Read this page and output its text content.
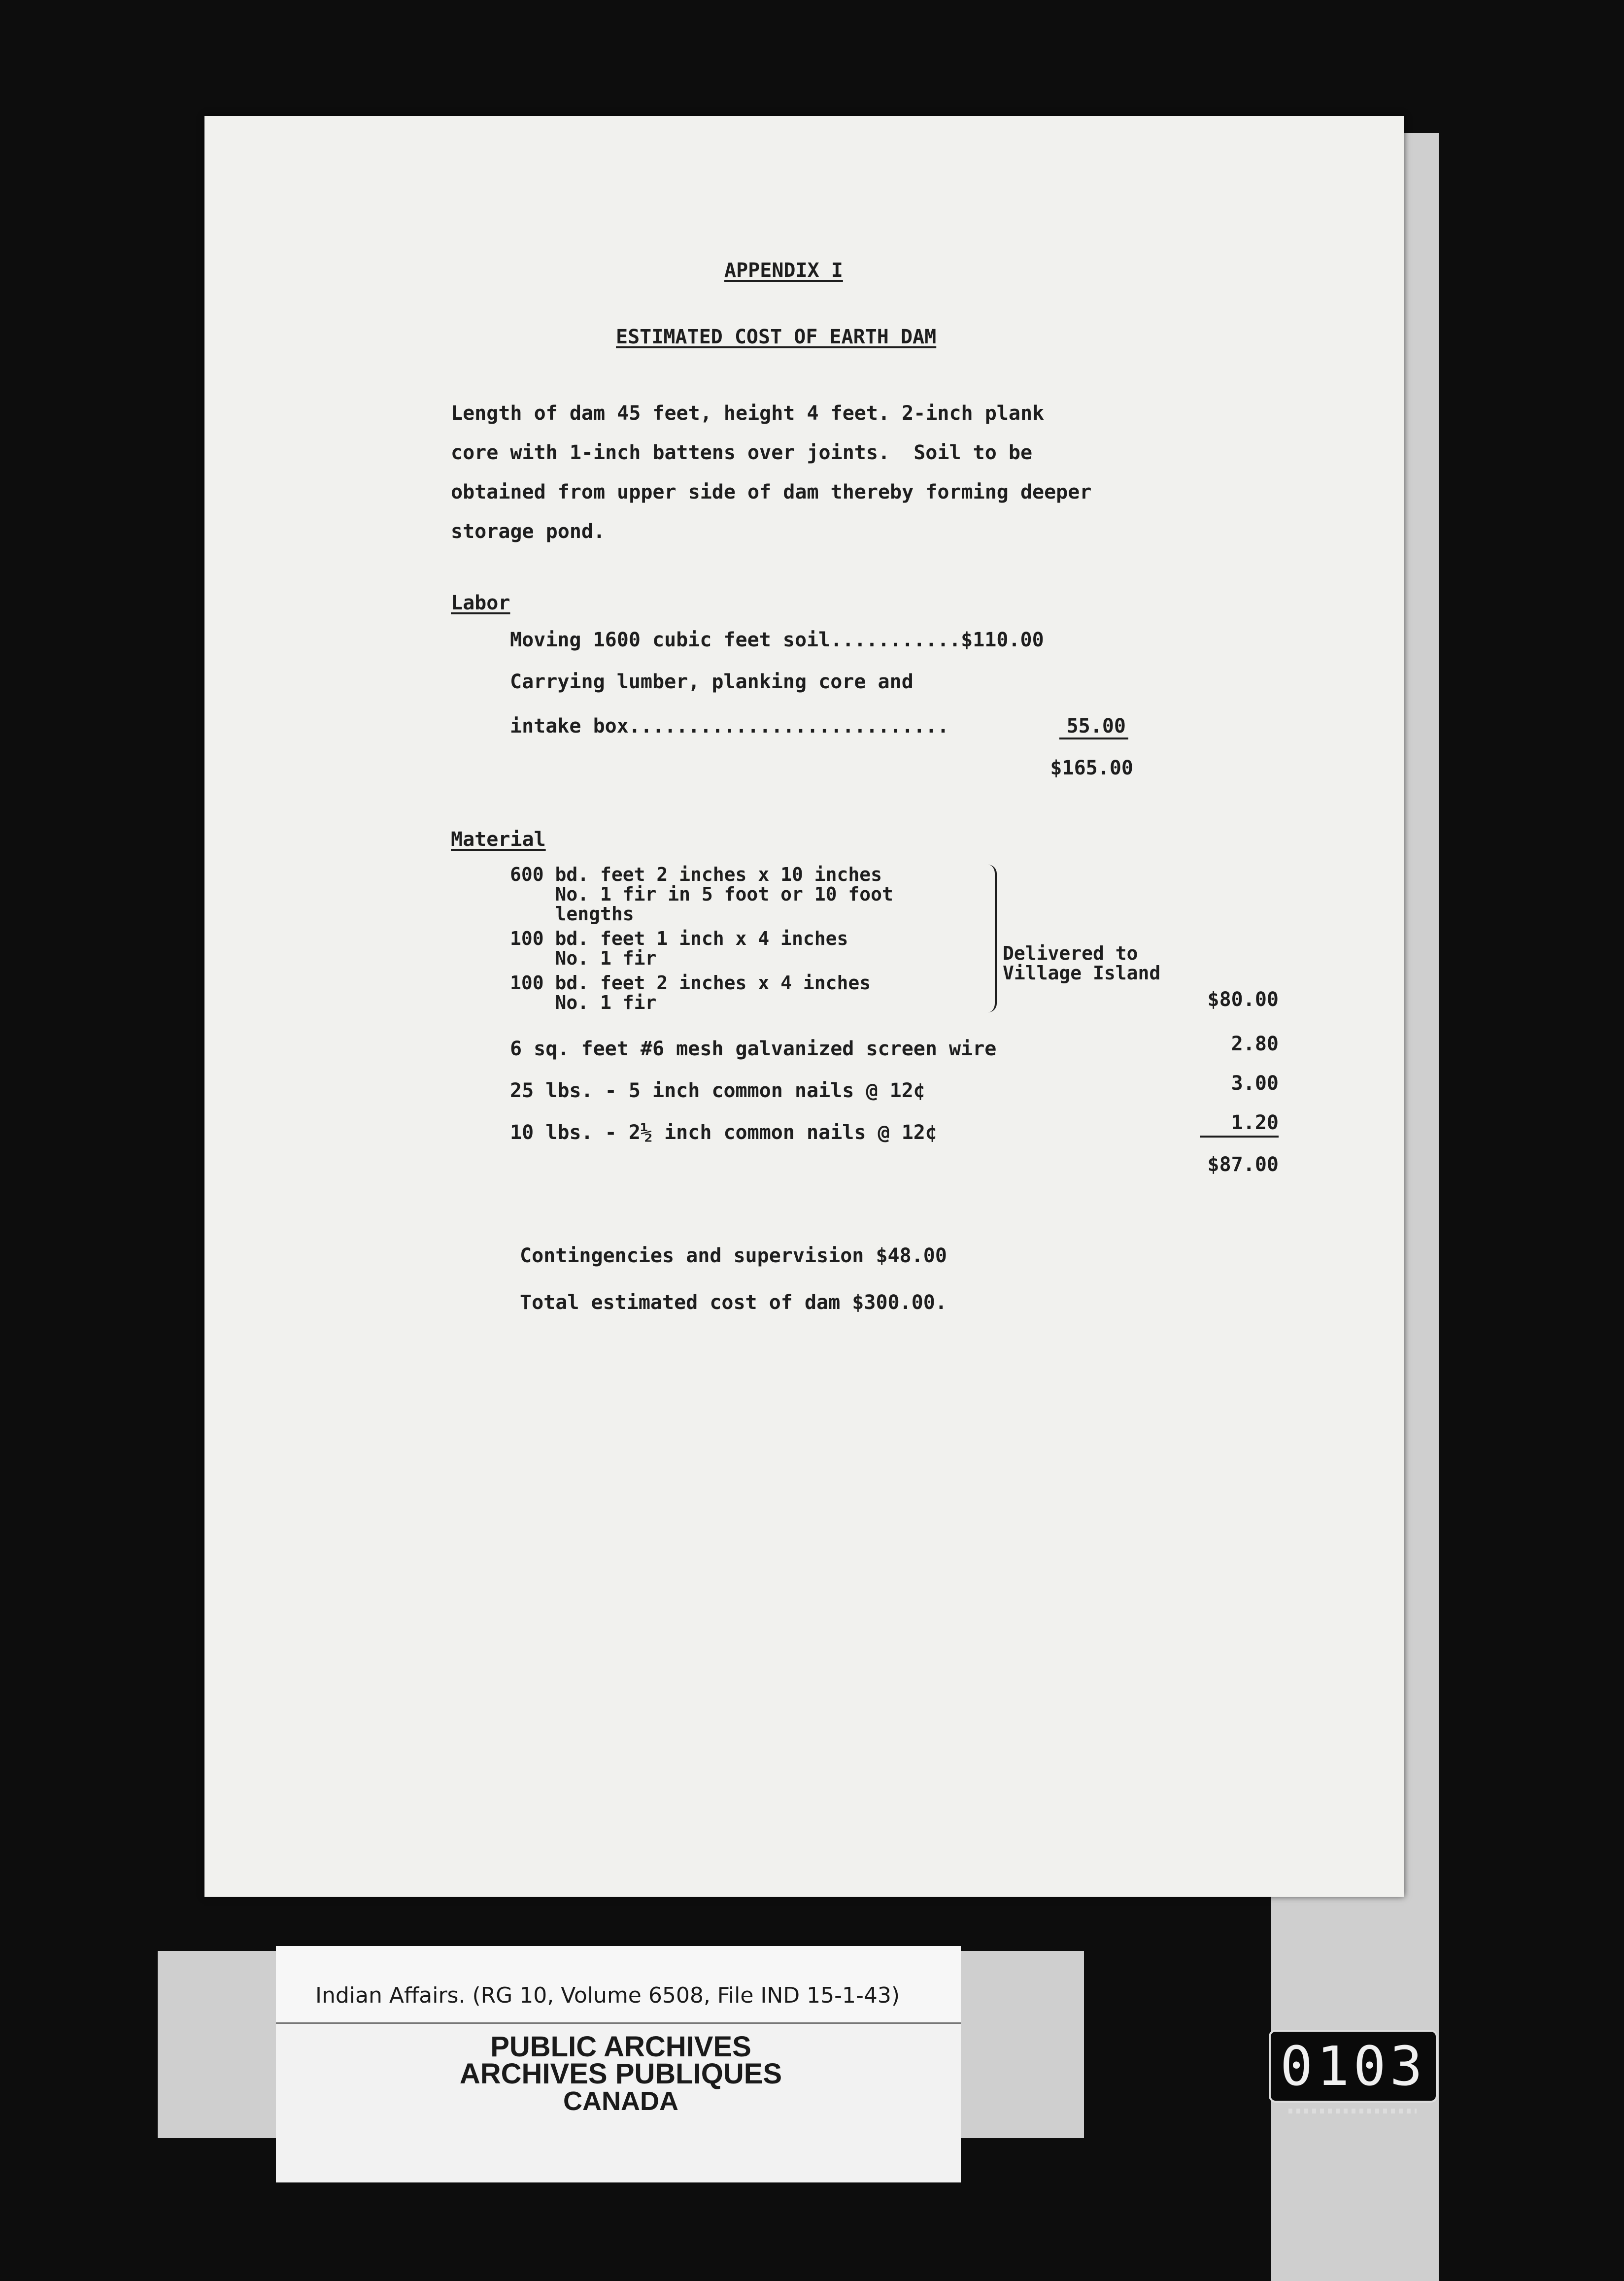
APPENDIX I
ESTIMATED COST OF EARTH DAM
Length of dam 45 feet, height 4 feet. 2-inch plank
core with 1-inch battens over joints.  Soil to be
obtained from upper side of dam thereby forming deeper
storage pond.
Labor
Moving 1600 cubic feet soil...........$110.00
Carrying lumber, planking core and
intake box...........................	55.00
$165.00
Material
600 bd. feet 2 inches x 10 inches
No. 1 fir in 5 foot or 10 foot
lengths
100 bd. feet 1 inch x 4 inches
No. 1 fir
100 bd. feet 2 inches x 4 inches
No. 1 fir
Delivered to
Village Island
$80.00
6 sq. feet #6 mesh galvanized screen wire	2.80
25 lbs. - 5 inch common nails @ 12¢	3.00
10 lbs. - 2½ inch common nails @ 12¢	1.20
$87.00
Contingencies and supervision $48.00
Total estimated cost of dam $300.00.
Indian Affairs. (RG 10, Volume 6508, File IND 15-1-43)
PUBLIC ARCHIVES
ARCHIVES PUBLIQUES
CANADA
0103
